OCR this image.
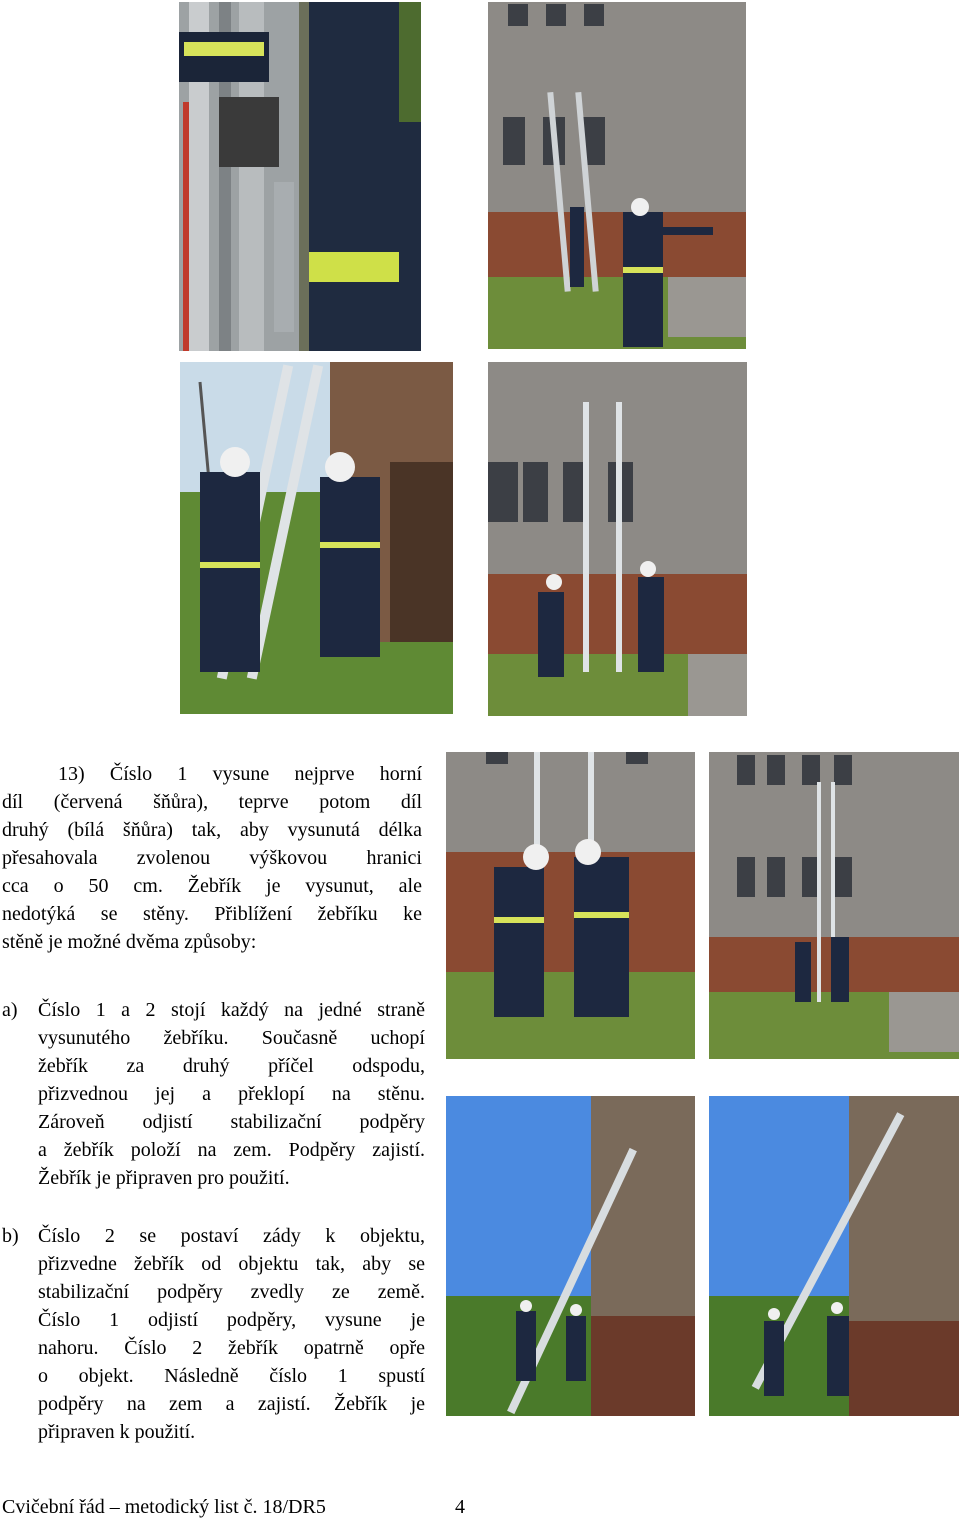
13) Číslo 1 vysune nejprve horní
díl (červená šňůra), teprve potom díl
druhý (bílá šňůra) tak, aby vysunutá délka
přesahovala zvolenou výškovou hranici
cca o 50 cm. Žebřík je vysunut, ale
nedotýká se stěny. Přiblížení žebříku ke
stěně je možné dvěma způsoby:
a) Číslo 1 a 2 stojí každý na jedné straně
vysunutého žebříku. Současně uchopí
žebřík za druhý příčel odspodu,
přizvednou jej a překlopí na stěnu.
Zároveň odjistí stabilizační podpěry
a žebřík položí na zem. Podpěry zajistí.
Žebřík je připraven pro použití.
b) Číslo 2 se postaví zády k objektu,
přizvedne žebřík od objektu tak, aby se
stabilizační podpěry zvedly ze země.
Číslo 1 odjistí podpěry, vysune je
nahoru. Číslo 2 žebřík opatrně opře
o objekt. Následně číslo 1 spustí
podpěry na zem a zajistí. Žebřík je
připraven k použití.
Cvičební řád – metodický list č. 18/DR5	4
